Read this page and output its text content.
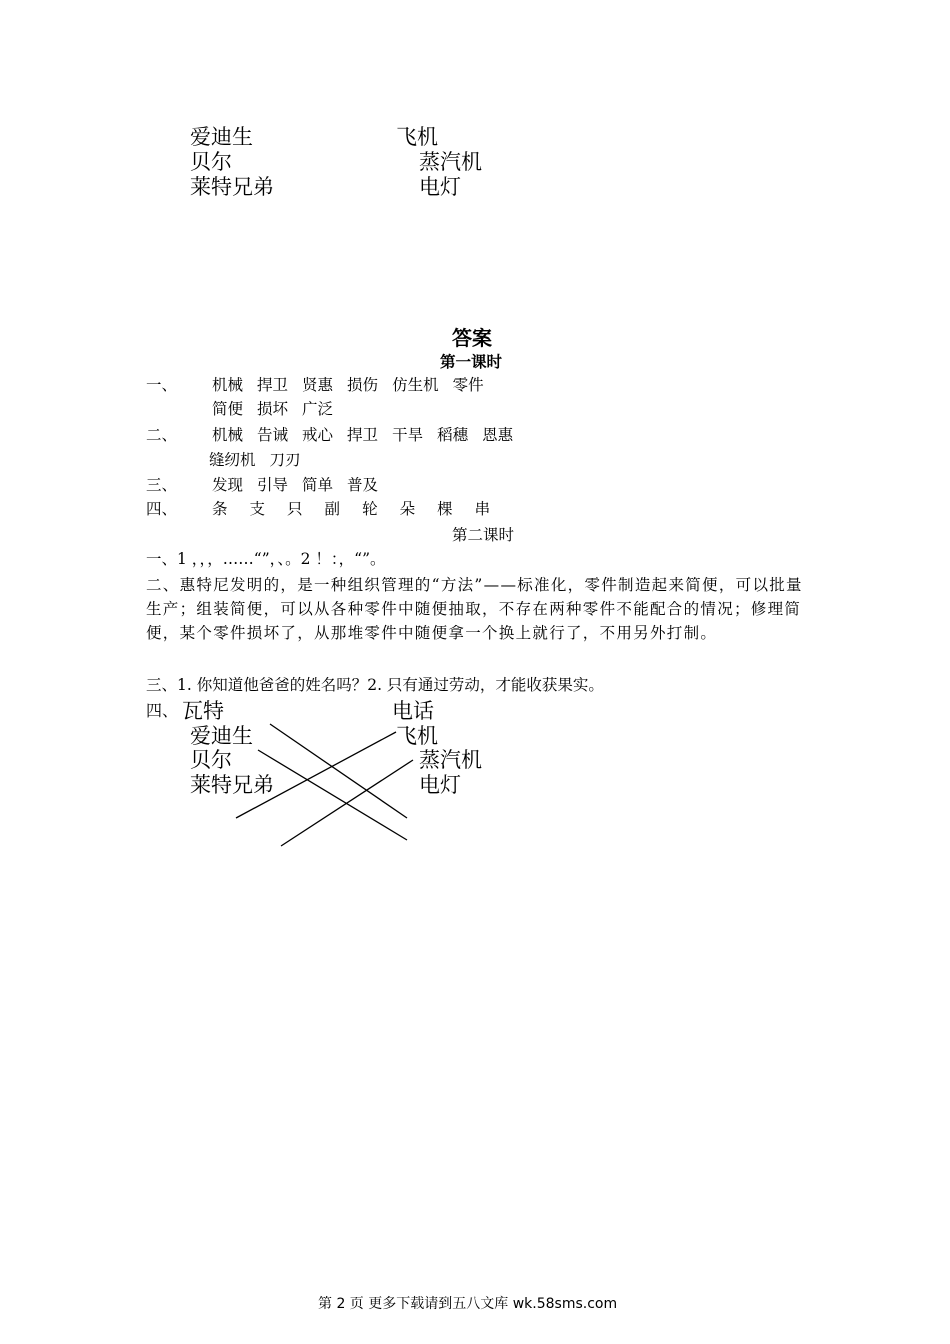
爱迪生
贝尔
莱特兄弟
飞机
蒸汽机
电灯
答案
第一课时
一、 机械 捍卫 贤惠 损伤 仿生机 零件
简便 损坏 广泛
二、 机械 告诫 戒心 捍卫 干旱 稻穗 恩惠
缝纫机 刀刃
三、 发现 引导 简单 普及
四、 条 支 只 副 轮 朵 棵 串
第二课时
一、1 ，，，……“”，、。2 ！：，“”。
二、惠特尼发明的，是一种组织管理的“方法”——标准化，零件制造起来简便，可以批量生产；组装简便，可以从各种零件中随便抽取，不存在两种零件不能配合的情况；修理简便，某个零件损坏了，从那堆零件中随便拿一个换上就行了，不用另外打制。
三、1. 你知道他爸爸的姓名吗？2. 只有通过劳动，才能收获果实。
四、 瓦特
爱迪生
贝尔
莱特兄弟
电话
飞机
蒸汽机
电灯
第 2 页 更多下载请到五八文库 wk.58sms.com
